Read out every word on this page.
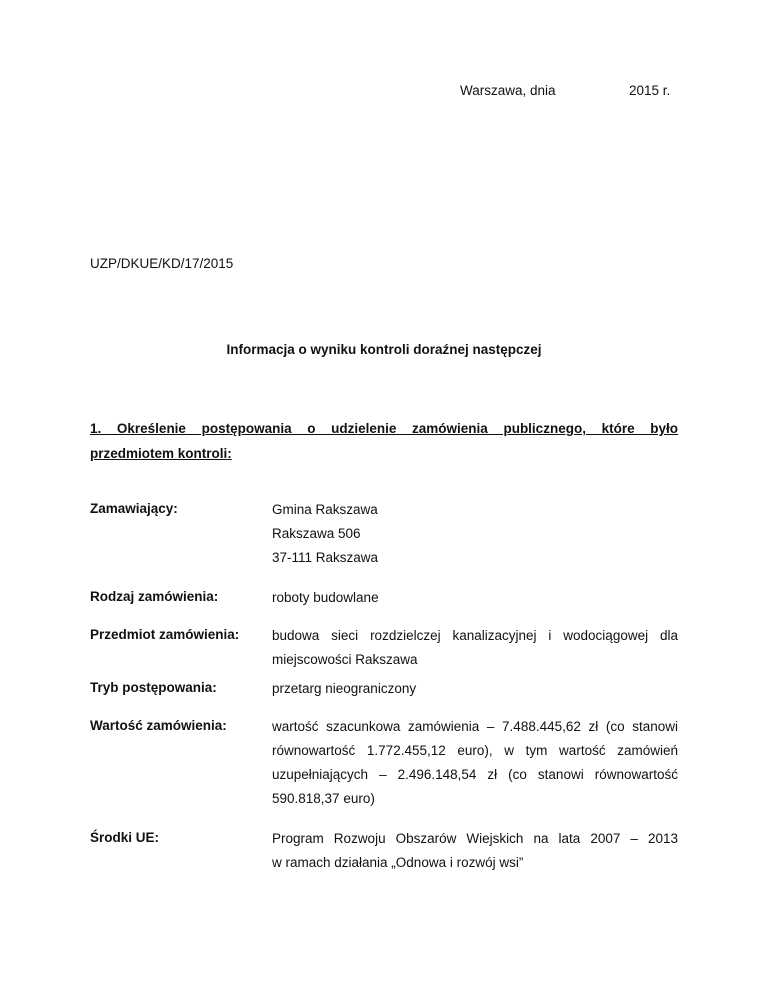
Warszawa, dnia	2015 r.
UZP/DKUE/KD/17/2015
Informacja o wyniku kontroli doraźnej następczej
1. Określenie postępowania o udzielenie zamówienia publicznego, które było
przedmiotem kontroli:
Zamawiający:	Gmina Rakszawa
Rakszawa 506
37-111 Rakszawa
Rodzaj zamówienia:	roboty budowlane
Przedmiot zamówienia: budowa sieci rozdzielczej kanalizacyjnej i wodociągowej dla
miejscowości Rakszawa
Tryb postępowania:	przetarg nieograniczony
Wartość zamówienia:	wartość szacunkowa zamówienia – 7.488.445,62 zł (co stanowi
równowartość 1.772.455,12 euro), w tym wartość zamówień
uzupełniających – 2.496.148,54 zł (co stanowi równowartość
590.818,37 euro)
Środki UE:	Program Rozwoju Obszarów Wiejskich na lata 2007 – 2013
w ramach działania „Odnowa i rozwój wsi”
